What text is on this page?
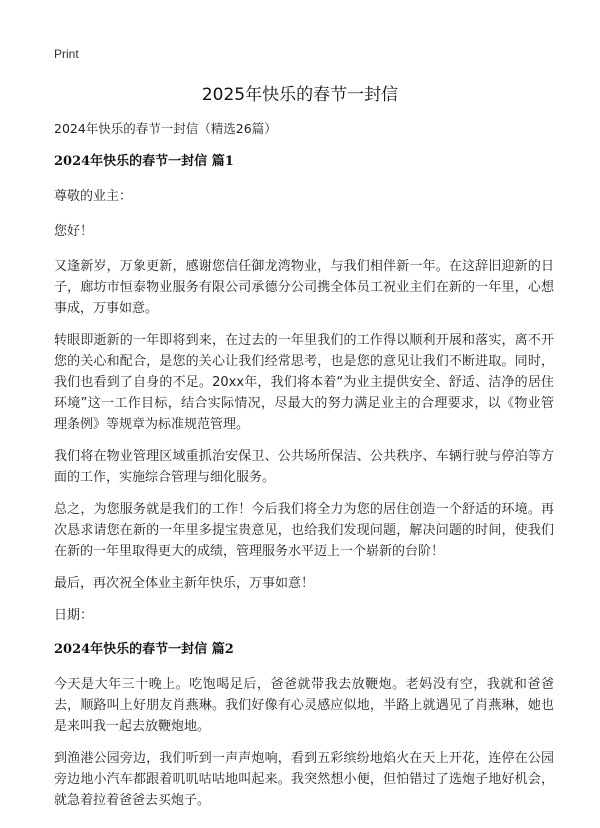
Print
2025年快乐的春节一封信

2024年快乐的春节一封信（精选26篇）

2024年快乐的春节一封信 篇1

尊敬的业主：

您好！

又逢新岁，万象更新，感谢您信任御龙湾物业，与我们相伴新一年。在这辞旧迎新的日子，廊坊市恒泰物业服务有限公司承德分公司携全体员工祝业主们在新的一年里，心想事成，万事如意。

转眼即逝新的一年即将到来，在过去的一年里我们的工作得以顺利开展和落实，离不开您的关心和配合，是您的关心让我们经常思考，也是您的意见让我们不断进取。同时，我们也看到了自身的不足。20xx年，我们将本着“为业主提供安全、舒适、洁净的居住环境”这一工作目标，结合实际情况，尽最大的努力满足业主的合理要求，以《物业管理条例》等规章为标准规范管理。

我们将在物业管理区域重抓治安保卫、公共场所保洁、公共秩序、车辆行驶与停泊等方面的工作，实施综合管理与细化服务。

总之，为您服务就是我们的工作！今后我们将全力为您的居住创造一个舒适的环境。再次恳求请您在新的一年里多提宝贵意见，也给我们发现问题，解决问题的时间，使我们在新的一年里取得更大的成绩，管理服务水平迈上一个崭新的台阶！

最后，再次祝全体业主新年快乐，万事如意！

日期：

2024年快乐的春节一封信 篇2

今天是大年三十晚上。吃饱喝足后，爸爸就带我去放鞭炮。老妈没有空，我就和爸爸去，顺路叫上好朋友肖燕琳。我们好像有心灵感应似地，半路上就遇见了肖燕琳，她也是来叫我一起去放鞭炮地。

到渔港公园旁边，我们听到一声声炮响，看到五彩缤纷地焰火在天上开花，连停在公园旁边地小汽车都跟着叽叽咕咕地叫起来。我突然想小便，但怕错过了选炮子地好机会，就急着拉着爸爸去买炮子。
